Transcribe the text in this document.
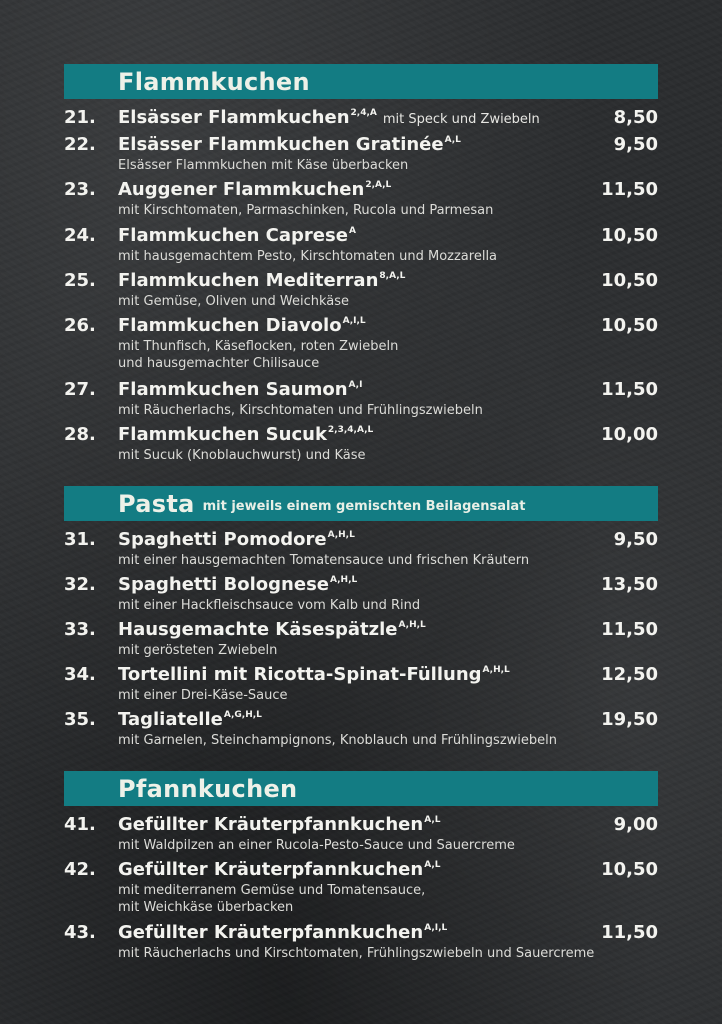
Flammkuchen
21. Elsässer Flammkuchen$^{2,4,A}$ mit Speck und Zwiebeln	8,50
22. Elsässer Flammkuchen Gratinée$^{A,L}$	9,50
Elsässer Flammkuchen mit Käse überbacken
23. Auggener Flammkuchen$^{2,A,L}$	11,50
mit Kirschtomaten, Parmaschinken, Rucola und Parmesan
24. Flammkuchen Caprese$^A$	10,50
mit hausgemachtem Pesto, Kirschtomaten und Mozzarella
25. Flammkuchen Mediterran$^{8,A,L}$	10,50
mit Gemüse, Oliven und Weichkäse
26. Flammkuchen Diavolo$^{A,I,L}$	10,50
mit Thunfisch, Käseflocken, roten Zwiebeln
und hausgemachter Chilisauce
27. Flammkuchen Saumon$^{A,I}$	11,50
mit Räucherlachs, Kirschtomaten und Frühlingszwiebeln
28. Flammkuchen Sucuk$^{2,3,4,A,L}$	10,00
mit Sucuk (Knoblauchwurst) und Käse
Pasta mit jeweils einem gemischten Beilagensalat
31. Spaghetti Pomodore$^{A,H,L}$	9,50
mit einer hausgemachten Tomatensauce und frischen Kräutern
32. Spaghetti Bolognese$^{A,H,L}$	13,50
mit einer Hackfleischsauce vom Kalb und Rind
33. Hausgemachte Käsespätzle$^{A,H,L}$	11,50
mit gerösteten Zwiebeln
34. Tortellini mit Ricotta-Spinat-Füllung$^{A,H,L}$	12,50
mit einer Drei-Käse-Sauce
35. Tagliatelle$^{A,G,H,L}$	19,50
mit Garnelen, Steinchampignons, Knoblauch und Frühlingszwiebeln
Pfannkuchen
41. Gefüllter Kräuterpfannkuchen$^{A,L}$	9,00
mit Waldpilzen an einer Rucola-Pesto-Sauce und Sauercreme
42. Gefüllter Kräuterpfannkuchen$^{A,L}$	10,50
mit mediterranem Gemüse und Tomatensauce,
mit Weichkäse überbacken
43. Gefüllter Kräuterpfannkuchen$^{A,I,L}$	11,50
mit Räucherlachs und Kirschtomaten, Frühlingszwiebeln und Sauercreme
